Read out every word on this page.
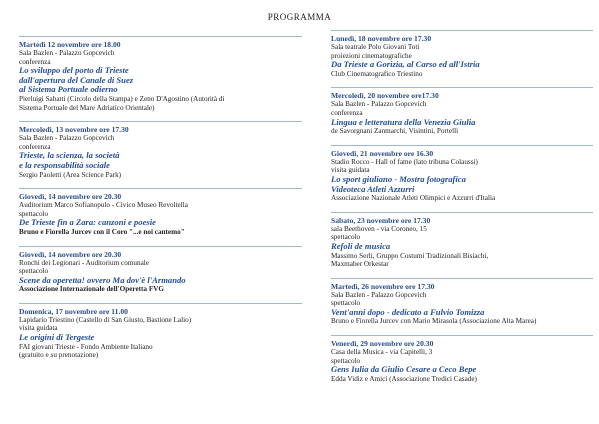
PROGRAMMA
Martedì 12 novembre ore 18.00
Sala Bazlen - Palazzo Gopcevich
conferenza
Lo sviluppo del porto di Trieste
dall'apertura del Canale di Suez
al Sistema Portuale odierno
Pierluigi Sabatti (Circolo della Stampa) e Zeno D'Agostino (Autorità di
Sistema Portuale del Mare Adriatico Orientale)
Mercoledì, 13 novembre ore 17.30
Sala Bazlen - Palazzo Gopcevich
conferenza
Trieste, la scienza, la società
e la responsabilità sociale
Sergio Paoletti (Area Science Park)
Giovedì, 14 novembre ore 20.30
Auditorium Marco Sofianopulo - Civico Museo Revoltella
spettacolo
De Trieste fin a Zara: canzoni e poesie
Bruno e Fiorella Jurcev con il Coro "...e noi cantemo"
Giovedì, 14 novembre ore 20.30
Ronchi dei Legionari - Auditorium comunale
spettacolo
Scene da operetta! ovvero Ma dov'è l'Armando
Associazione Internazionale dell'Operetta FVG
Domenica, 17 novembre ore 11.00
Lapidario Triestino (Castello di San Giusto, Bastione Lalio)
visita guidata
Le origini di Tergeste
FAI giovani Trieste - Fondo Ambiente Italiano
(gratuito e su prenotazione)
Lunedì, 18 novembre ore 17.30
Sala teatrale Polo Giovani Toti
proiezioni cinematografiche
Da Trieste a Gorizia, al Carso ed all'Istria
Club Cinematografico Triestino
Mercoledì, 20 novembre ore17.30
Sala Bazlen - Palazzo Gopcevich
conferenza
Lingua e letteratura della Venezia Giulia
de Savorgnani Zanmarchi, Visintini, Portelli
Giovedì, 21 novembre ore 16.30
Stadio Rocco - Hall of fame (lato tribuna Colaussi)
visita guidata
Lo sport giuliano - Mostra fotografica
Videoteca Atleti Azzurri
Associazione Nazionale Atleti Olimpici e Azzurri d'Italia
Sabato, 23 novembre ore 17.30
sala Beethoven - via Coroneo, 15
spettacolo
Refoli de musica
Massimo Serli, Gruppo Costumi Tradizionali Bisiachi,
Maxmaber Orkestar
Martedì, 26 novembre ore 17.30
Sala Bazlen - Palazzo Gopcevich
spettacolo
Vent'anni dopo - dedicato a Fulvio Tomizza
Bruno e Fiorella Jurcev con Mario Mirasola (Associazione Alta Marea)
Venerdì, 29 novembre ore 20.30
Casa della Musica - via Capitelli, 3
spettacolo
Gens Iulia da Giulio Cesare a Ceco Bepe
Edda Vidiz e Amici (Associazione Tredici Casade)
